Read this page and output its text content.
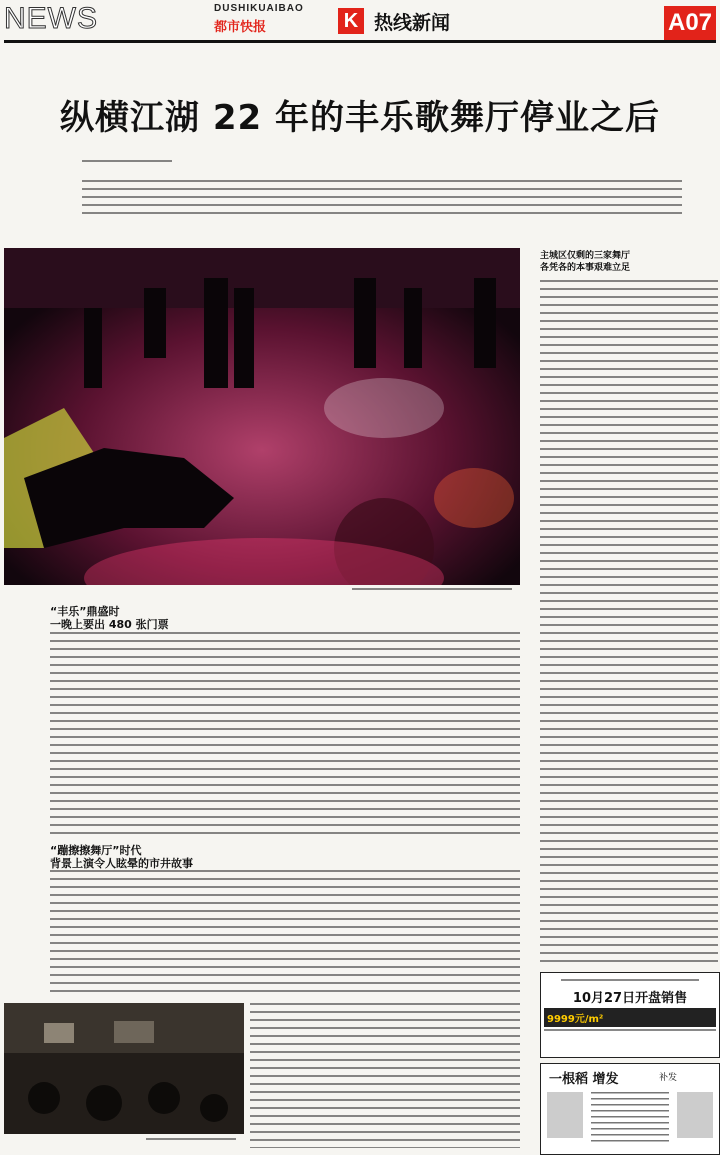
NEWS	DUSHIKUAIBAO
都市快报	K 热线新闻	A07
纵横江湖 22 年的丰乐歌舞厅停业之后
“丰乐”鼎盛时
一晚上要出 480 张门票
“蹦擦擦舞厅”时代
背景上演令人眩晕的市井故事
主城区仅剩的三家舞厅
各凭各的本事艰难立足
10月27日开盘销售
9999元/m²
一根稻 增发	补发
